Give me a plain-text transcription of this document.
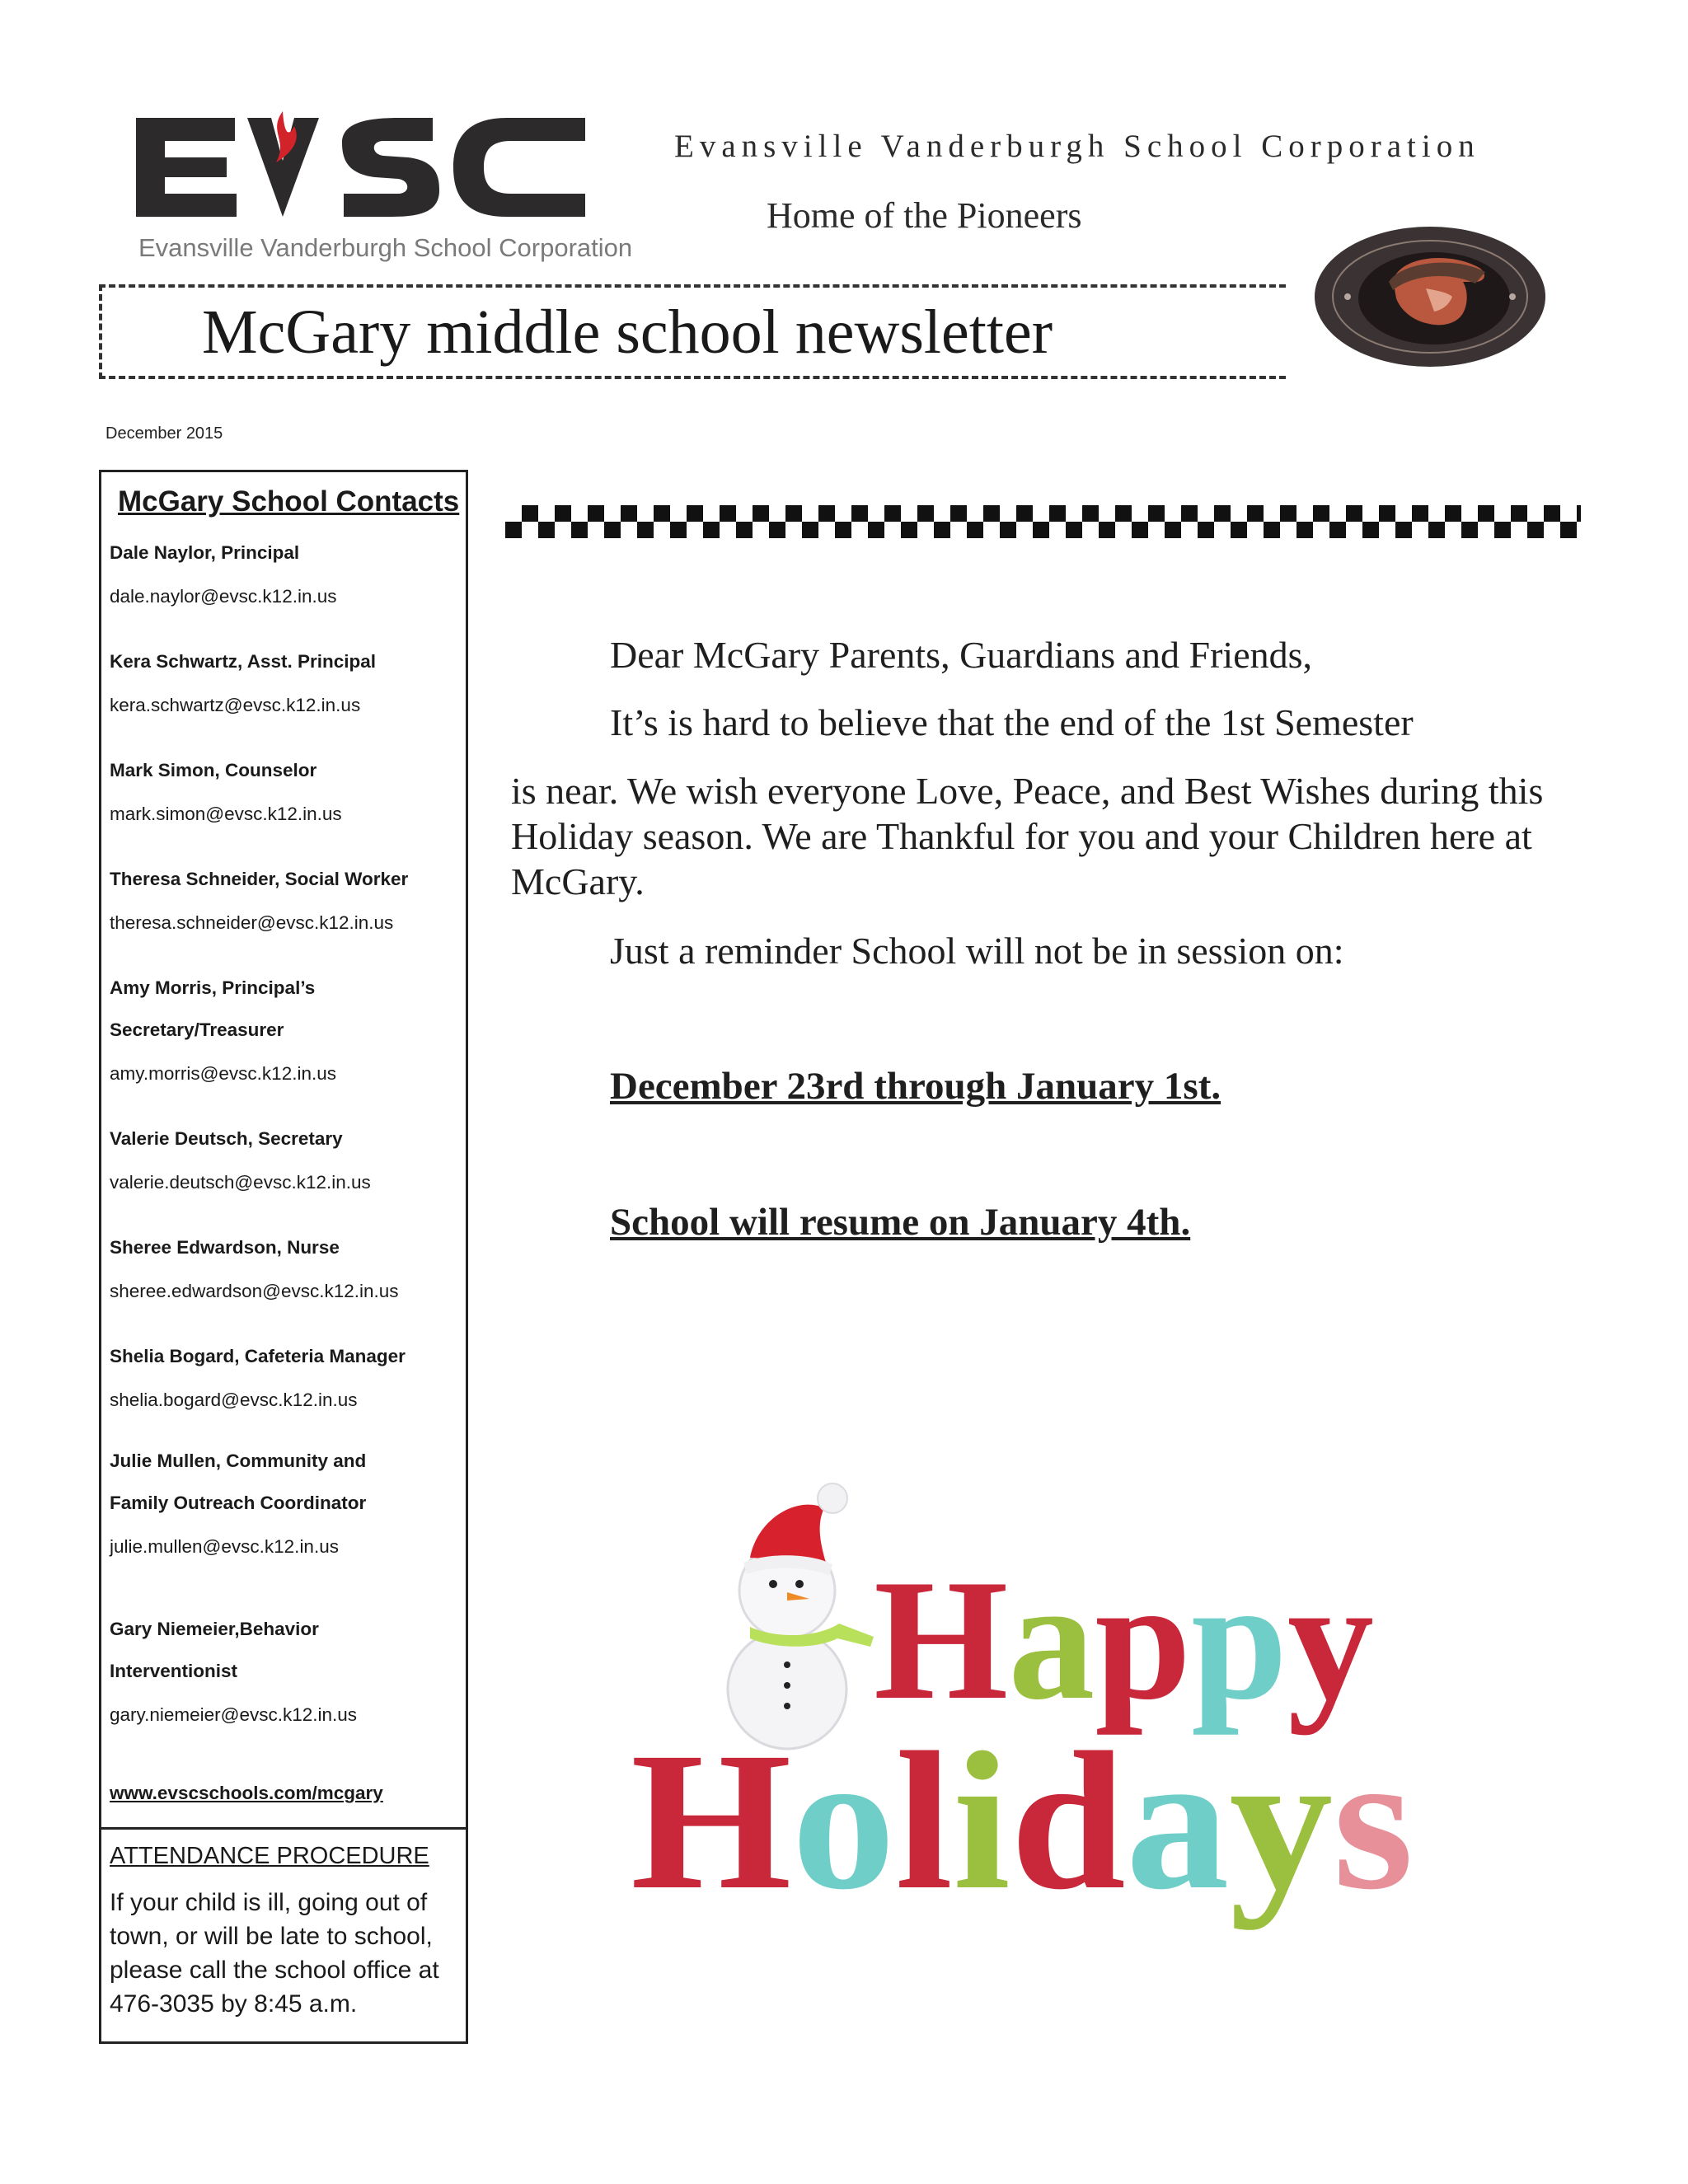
Evansville Vanderburgh School Corporation
Evansville Vanderburgh School Corporation
Home of the Pioneers
McGary middle school newsletter
December 2015
McGary School Contacts
Dale Naylor, Principal
dale.naylor@evsc.k12.in.us
Kera Schwartz, Asst. Principal
kera.schwartz@evsc.k12.in.us
Mark Simon, Counselor
mark.simon@evsc.k12.in.us
Theresa Schneider, Social Worker
theresa.schneider@evsc.k12.in.us
Amy Morris, Principal’s
Secretary/Treasurer
amy.morris@evsc.k12.in.us
Valerie Deutsch, Secretary
valerie.deutsch@evsc.k12.in.us
Sheree Edwardson, Nurse
sheree.edwardson@evsc.k12.in.us
Shelia Bogard, Cafeteria Manager
shelia.bogard@evsc.k12.in.us
Julie Mullen, Community and
Family Outreach Coordinator
julie.mullen@evsc.k12.in.us
Gary Niemeier,Behavior
Interventionist
gary.niemeier@evsc.k12.in.us
www.evscschools.com/mcgary
ATTENDANCE PROCEDURE
If your child is ill, going out of town, or will be late to school, please call the school office at 476-3035 by 8:45 a.m.
Dear McGary Parents, Guardians and Friends,
It’s is hard to believe that the end of the 1st Semester
is near. We wish everyone Love, Peace, and Best Wishes during this Holiday season. We are Thankful for you and your Children here at McGary.
Just a reminder School will not be in session on:
December 23rd through January 1st.
School will resume on January 4th.
Happy
Holidays
